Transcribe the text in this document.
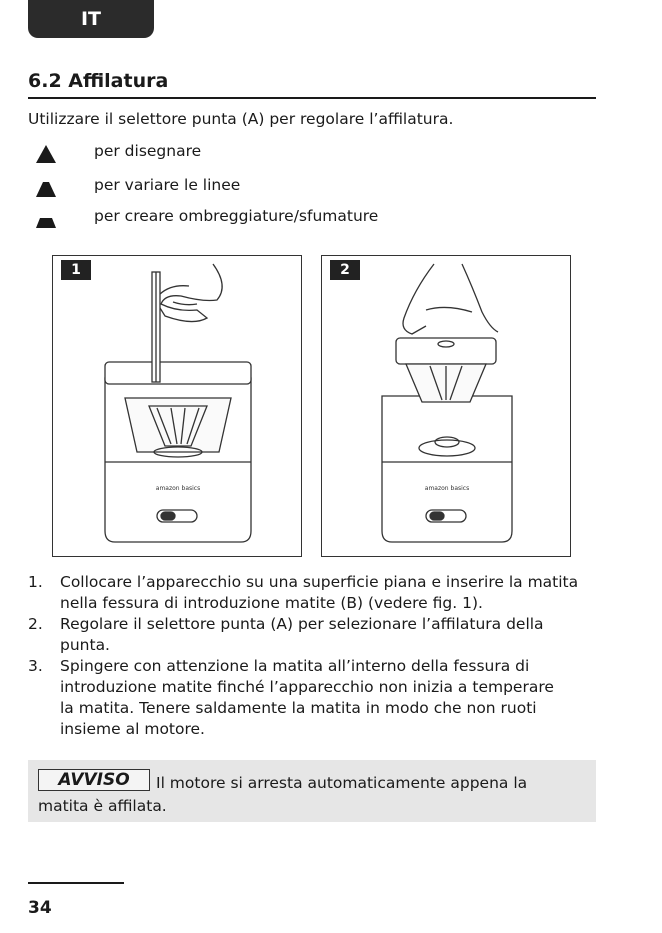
IT
6.2 Affilatura
Utilizzare il selettore punta (A) per regolare l’affilatura.
per disegnare
per variare le linee
per creare ombreggiature/sfumature
1
amazon basics
2
amazon basics
1. Collocare l’apparecchio su una superficie piana e inserire la matita
nella fessura di introduzione matite (B) (vedere fig. 1).
2. Regolare il selettore punta (A) per selezionare l’affilatura della
punta.
3. Spingere con attenzione la matita all’interno della fessura di
introduzione matite finché l’apparecchio non inizia a temperare
la matita. Tenere saldamente la matita in modo che non ruoti
insieme al motore.
AVVISO	Il motore si arresta automaticamente appena la
matita è affilata.
34
